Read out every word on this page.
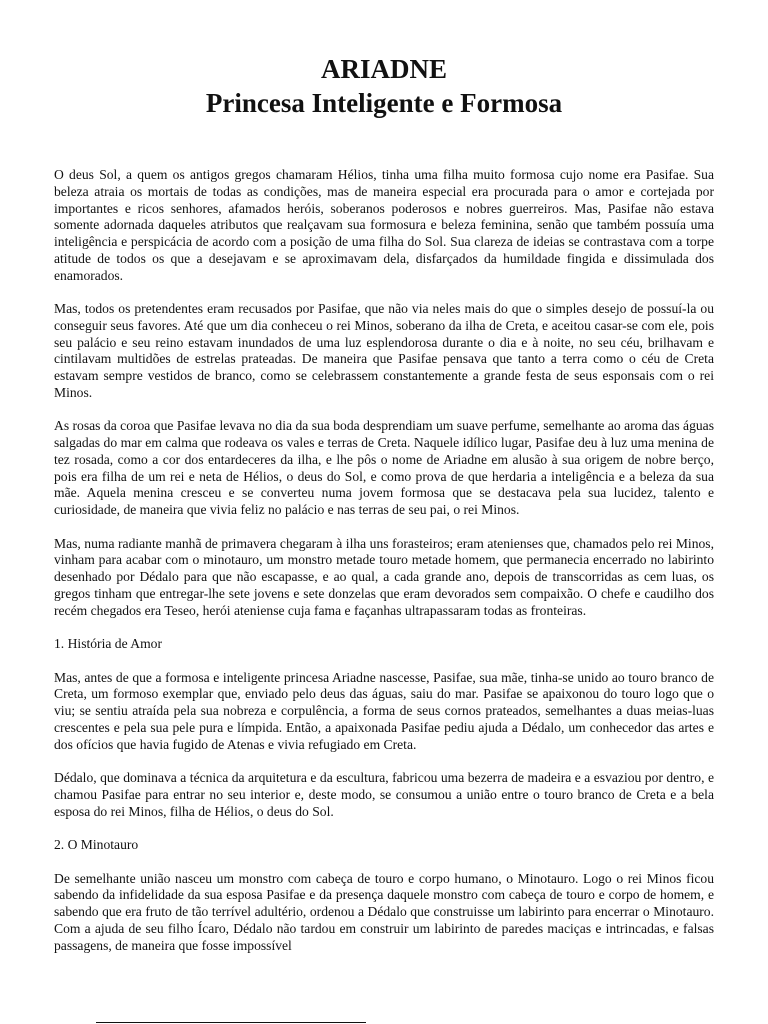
ARIADNE
Princesa Inteligente e Formosa

O deus Sol, a quem os antigos gregos chamaram Hélios, tinha uma filha muito formosa cujo nome era Pasifae. Sua beleza atraia os mortais de todas as condições, mas de maneira especial era procurada para o amor e cortejada por importantes e ricos senhores, afamados heróis, soberanos poderosos e nobres guerreiros. Mas, Pasifae não estava somente adornada daqueles atributos que realçavam sua formosura e beleza feminina, senão que também possuía uma inteligência e perspicácia de acordo com a posição de uma filha do Sol. Sua clareza de ideias se contrastava com a torpe atitude de todos os que a desejavam e se aproximavam dela, disfarçados da humildade fingida e dissimulada dos enamorados.

Mas, todos os pretendentes eram recusados por Pasifae, que não via neles mais do que o simples desejo de possuí-la ou conseguir seus favores. Até que um dia conheceu o rei Minos, soberano da ilha de Creta, e aceitou casar-se com ele, pois seu palácio e seu reino estavam inundados de uma luz esplendorosa durante o dia e à noite, no seu céu, brilhavam e cintilavam multidões de estrelas prateadas. De maneira que Pasifae pensava que tanto a terra como o céu de Creta estavam sempre vestidos de branco, como se celebrassem constantemente a grande festa de seus esponsais com o rei Minos.

As rosas da coroa que Pasifae levava no dia da sua boda desprendiam um suave perfume, semelhante ao aroma das águas salgadas do mar em calma que rodeava os vales e terras de Creta. Naquele idílico lugar, Pasifae deu à luz uma menina de tez rosada, como a cor dos entardeceres da ilha, e lhe pôs o nome de Ariadne em alusão à sua origem de nobre berço, pois era filha de um rei e neta de Hélios, o deus do Sol, e como prova de que herdaria a inteligência e a beleza da sua mãe. Aquela menina cresceu e se converteu numa jovem formosa que se destacava pela sua lucidez, talento e curiosidade, de maneira que vivia feliz no palácio e nas terras de seu pai, o rei Minos.

Mas, numa radiante manhã de primavera chegaram à ilha uns forasteiros; eram atenienses que, chamados pelo rei Minos, vinham para acabar com o minotauro, um monstro metade touro metade homem, que permanecia encerrado no labirinto desenhado por Dédalo para que não escapasse, e ao qual, a cada grande ano, depois de transcorridas as cem luas, os gregos tinham que entregar-lhe sete jovens e sete donzelas que eram devorados sem compaixão. O chefe e caudilho dos recém chegados era Teseo, herói ateniense cuja fama e façanhas ultrapassaram todas as fronteiras.

1. História de Amor

Mas, antes de que a formosa e inteligente princesa Ariadne nascesse, Pasifae, sua mãe, tinha-se unido ao touro branco de Creta, um formoso exemplar que, enviado pelo deus das águas, saiu do mar. Pasifae se apaixonou do touro logo que o viu; se sentiu atraída pela sua nobreza e corpulência, a forma de seus cornos prateados, semelhantes a duas meias-luas crescentes e pela sua pele pura e límpida. Então, a apaixonada Pasifae pediu ajuda a Dédalo, um conhecedor das artes e dos ofícios que havia fugido de Atenas e vivia refugiado em Creta.

Dédalo, que dominava a técnica da arquitetura e da escultura, fabricou uma bezerra de madeira e a esvaziou por dentro, e chamou Pasifae para entrar no seu interior e, deste modo, se consumou a união entre o touro branco de Creta e a bela esposa do rei Minos, filha de Hélios, o deus do Sol.

2. O Minotauro

De semelhante união nasceu um monstro com cabeça de touro e corpo humano, o Minotauro. Logo o rei Minos ficou sabendo da infidelidade da sua esposa Pasifae e da presença daquele monstro com cabeça de touro e corpo de homem, e sabendo que era fruto de tão terrível adultério, ordenou a Dédalo que construisse um labirinto para encerrar o Minotauro. Com a ajuda de seu filho Ícaro, Dédalo não tardou em construir um labirinto de paredes maciças e intrincadas, e falsas passagens, de maneira que fosse impossível
